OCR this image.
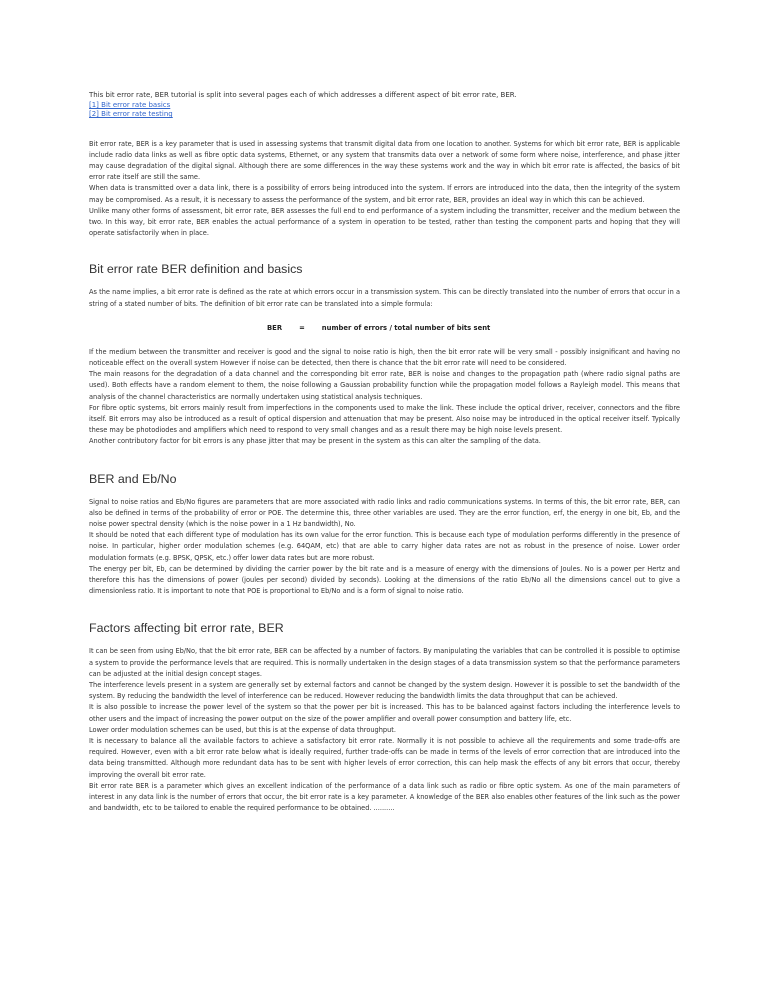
This bit error rate, BER tutorial is split into several pages each of which addresses a different aspect of bit error rate, BER.

[1] Bit error rate basics
[2] Bit error rate testing

Bit error rate, BER is a key parameter that is used in assessing systems that transmit digital data from one location to another. Systems for which bit error rate, BER is applicable include radio data links as well as fibre optic data systems, Ethernet, or any system that transmits data over a network of some form where noise, interference, and phase jitter may cause degradation of the digital signal. Although there are some differences in the way these systems work and the way in which bit error rate is affected, the basics of bit error rate itself are still the same.

When data is transmitted over a data link, there is a possibility of errors being introduced into the system. If errors are introduced into the data, then the integrity of the system may be compromised. As a result, it is necessary to assess the performance of the system, and bit error rate, BER, provides an ideal way in which this can be achieved.

Unlike many other forms of assessment, bit error rate, BER assesses the full end to end performance of a system including the transmitter, receiver and the medium between the two. In this way, bit error rate, BER enables the actual performance of a system in operation to be tested, rather than testing the component parts and hoping that they will operate satisfactorily when in place.

Bit error rate BER definition and basics

As the name implies, a bit error rate is defined as the rate at which errors occur in a transmission system. This can be directly translated into the number of errors that occur in a string of a stated number of bits. The definition of bit error rate can be translated into a simple formula:

BER	=	number of errors / total number of bits sent

If the medium between the transmitter and receiver is good and the signal to noise ratio is high, then the bit error rate will be very small - possibly insignificant and having no noticeable effect on the overall system However if noise can be detected, then there is chance that the bit error rate will need to be considered.

The main reasons for the degradation of a data channel and the corresponding bit error rate, BER is noise and changes to the propagation path (where radio signal paths are used). Both effects have a random element to them, the noise following a Gaussian probability function while the propagation model follows a Rayleigh model. This means that analysis of the channel characteristics are normally undertaken using statistical analysis techniques.

For fibre optic systems, bit errors mainly result from imperfections in the components used to make the link. These include the optical driver, receiver, connectors and the fibre itself. Bit errors may also be introduced as a result of optical dispersion and attenuation that may be present. Also noise may be introduced in the optical receiver itself. Typically these may be photodiodes and amplifiers which need to respond to very small changes and as a result there may be high noise levels present.

Another contributory factor for bit errors is any phase jitter that may be present in the system as this can alter the sampling of the data.

BER and Eb/No

Signal to noise ratios and Eb/No figures are parameters that are more associated with radio links and radio communications systems. In terms of this, the bit error rate, BER, can also be defined in terms of the probability of error or POE. The determine this, three other variables are used. They are the error function, erf, the energy in one bit, Eb, and the noise power spectral density (which is the noise power in a 1 Hz bandwidth), No.

It should be noted that each different type of modulation has its own value for the error function. This is because each type of modulation performs differently in the presence of noise. In particular, higher order modulation schemes (e.g. 64QAM, etc) that are able to carry higher data rates are not as robust in the presence of noise. Lower order modulation formats (e.g. BPSK, QPSK, etc.) offer lower data rates but are more robust.

The energy per bit, Eb, can be determined by dividing the carrier power by the bit rate and is a measure of energy with the dimensions of Joules. No is a power per Hertz and therefore this has the dimensions of power (joules per second) divided by seconds). Looking at the dimensions of the ratio Eb/No all the dimensions cancel out to give a dimensionless ratio. It is important to note that POE is proportional to Eb/No and is a form of signal to noise ratio.

Factors affecting bit error rate, BER

It can be seen from using Eb/No, that the bit error rate, BER can be affected by a number of factors. By manipulating the variables that can be controlled it is possible to optimise a system to provide the performance levels that are required. This is normally undertaken in the design stages of a data transmission system so that the performance parameters can be adjusted at the initial design concept stages.

The interference levels present in a system are generally set by external factors and cannot be changed by the system design. However it is possible to set the bandwidth of the system. By reducing the bandwidth the level of interference can be reduced. However reducing the bandwidth limits the data throughput that can be achieved.

It is also possible to increase the power level of the system so that the power per bit is increased. This has to be balanced against factors including the interference levels to other users and the impact of increasing the power output on the size of the power amplifier and overall power consumption and battery life, etc.

Lower order modulation schemes can be used, but this is at the expense of data throughput.

It is necessary to balance all the available factors to achieve a satisfactory bit error rate. Normally it is not possible to achieve all the requirements and some trade-offs are required. However, even with a bit error rate below what is ideally required, further trade-offs can be made in terms of the levels of error correction that are introduced into the data being transmitted. Although more redundant data has to be sent with higher levels of error correction, this can help mask the effects of any bit errors that occur, thereby improving the overall bit error rate.

Bit error rate BER is a parameter which gives an excellent indication of the performance of a data link such as radio or fibre optic system. As one of the main parameters of interest in any data link is the number of errors that occur, the bit error rate is a key parameter. A knowledge of the BER also enables other features of the link such as the power and bandwidth, etc to be tailored to enable the required performance to be obtained. ..........
